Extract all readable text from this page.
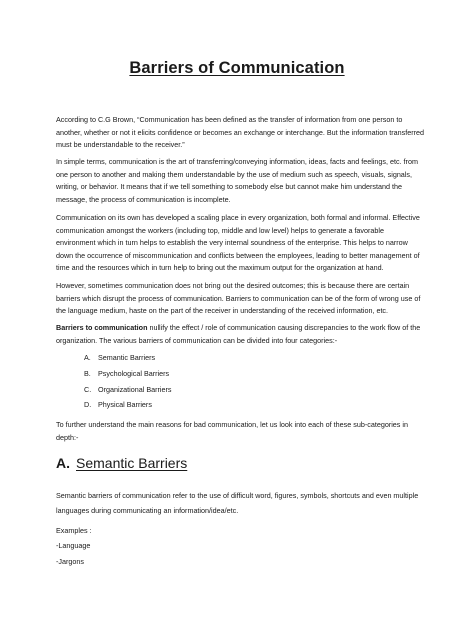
Barriers of Communication

According to C.G Brown, “Communication has been defined as the transfer of information from one person to another, whether or not it elicits confidence or becomes an exchange or interchange. But the information transferred must be understandable to the receiver.”

In simple terms, communication is the art of transferring/conveying information, ideas, facts and feelings, etc. from one person to another and making them understandable by the use of medium such as speech, visuals, signals, writing, or behavior. It means that if we tell something to somebody else but cannot make him understand the message, the process of communication is incomplete.

Communication on its own has developed a scaling place in every organization, both formal and informal. Effective communication amongst the workers (including top, middle and low level) helps to generate a favorable environment which in turn helps to establish the very internal soundness of the enterprise. This helps to narrow down the occurrence of miscommunication and conflicts between the employees, leading to better management of time and the resources which in turn help to bring out the maximum output for the organization at hand.

However, sometimes communication does not bring out the desired outcomes; this is because there are certain barriers which disrupt the process of communication. Barriers to communication can be of the form of wrong use of the language medium, haste on the part of the receiver in understanding of the received information, etc.

Barriers to communication nullify the effect / role of communication causing discrepancies to the work flow of the organization. The various barriers of communication can be divided into four categories:-

A. Semantic Barriers
B. Psychological Barriers
C. Organizational Barriers
D. Physical Barriers

To further understand the main reasons for bad communication, let us look into each of these sub-categories in depth:-

A. Semantic Barriers

Semantic barriers of communication refer to the use of difficult word, figures, symbols, shortcuts and even multiple languages during communicating an information/idea/etc.

Examples :

-Language

-Jargons
